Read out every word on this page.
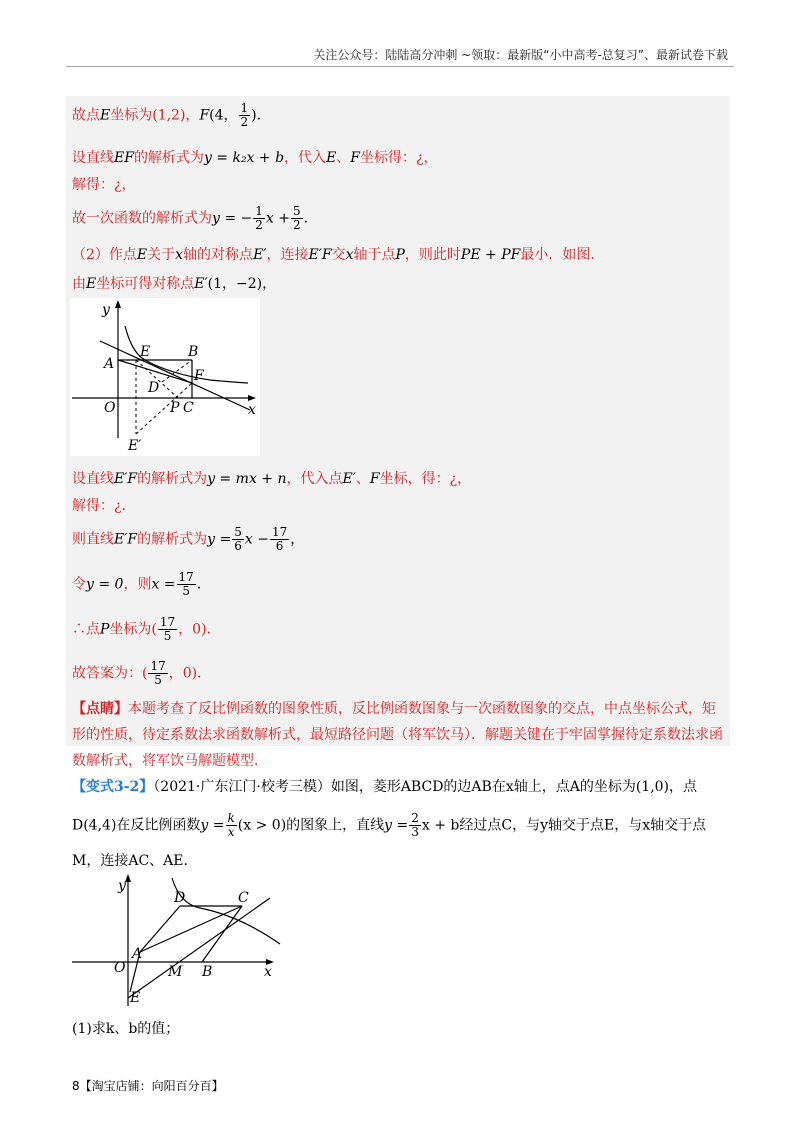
关注公众号：陆陆高分冲刺 ~领取：最新版“小中高考-总复习”、最新试卷下载
故点E坐标为(1,2)，F(4， $\frac{1}{2}$ )．
设直线EF的解析式为y = k₂x + b，代入E、F坐标得：¿，
解得：¿，
故一次函数的解析式为y = − $\frac{1}{2}$ $x + \frac{5}{2}$ ．
（2）作点E关于x轴的对称点E′，连接E′F交x轴于点P，则此时PE + PF最小．如图．
由E坐标可得对称点E′(1，−2)，
y
A
E	B
D
F
O	P C	x
E′
设直线E′F的解析式为y = mx + n，代入点E′、F坐标，得：¿，
解得：¿．
则直线E′F的解析式为$y = \frac{5}{6}$ $x - \frac{17}{6}$ ，
令y = 0，则$x = \frac{17}{5}$ ．
∴点P坐标为( $\frac{17}{5}$ ，0)．
故答案为：( $\frac{17}{5}$ ，0)．
【点睛】本题考查了反比例函数的图象性质，反比例函数图象与一次函数图象的交点，中点坐标公式，矩形的性质，待定系数法求函数解析式，最短路径问题（将军饮马）．解题关键在于牢固掌握待定系数法求函数解析式，将军饮马解题模型．
【变式3-2】（2021·广东江门·校考三模）如图，菱形ABCD的边AB在x轴上，点A的坐标为(1,0)，点
D(4,4)在反比例函数$y = \frac{k}{x} (x > 0)$的图象上，直线$y = \frac{2}{3}$ x + b经过点C，与y轴交于点E，与x轴交于点
M，连接AC、AE．
y
D	C
A
O	M B	x
E
(1)求k、b的值；
8【淘宝店铺：向阳百分百】
